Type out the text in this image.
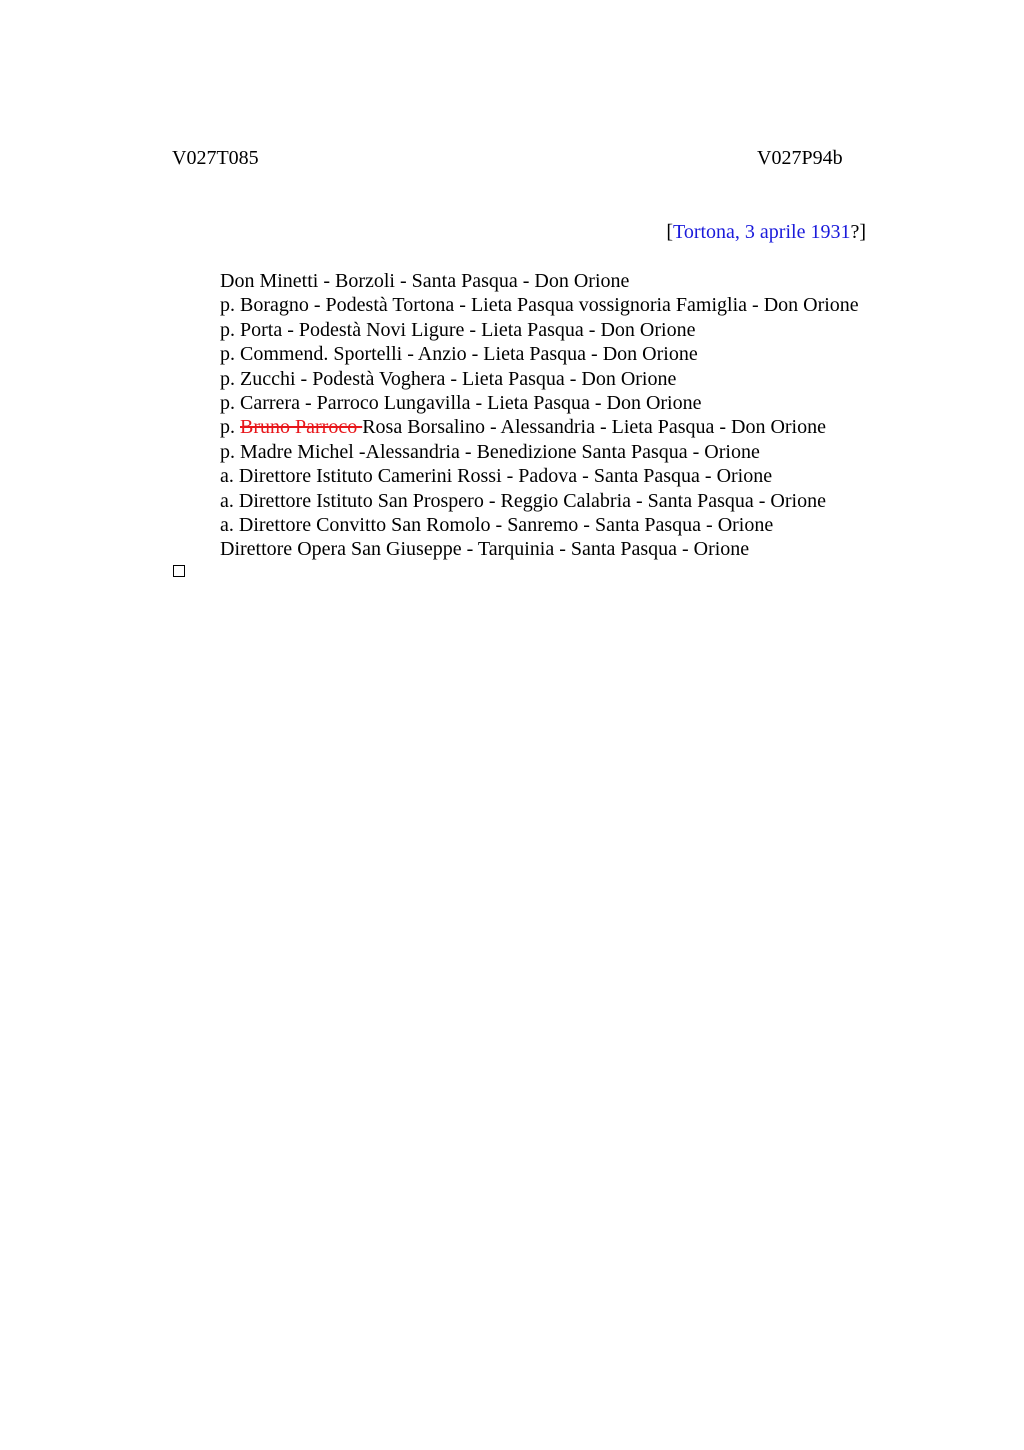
V027T085	V027P94b
[Tortona, 3 aprile 1931?]
Don Minetti - Borzoli - Santa Pasqua - Don Orione
p. Boragno - Podestà Tortona - Lieta Pasqua vossignoria Famiglia - Don Orione
p. Porta - Podestà Novi Ligure - Lieta Pasqua - Don Orione
p. Commend. Sportelli - Anzio - Lieta Pasqua - Don Orione
p. Zucchi - Podestà Voghera - Lieta Pasqua - Don Orione
p. Carrera - Parroco Lungavilla - Lieta Pasqua - Don Orione
p. Bruno Parroco Rosa Borsalino - Alessandria - Lieta Pasqua - Don Orione
p. Madre Michel -Alessandria - Benedizione Santa Pasqua - Orione
a. Direttore Istituto Camerini Rossi - Padova - Santa Pasqua - Orione
a. Direttore Istituto San Prospero - Reggio Calabria - Santa Pasqua - Orione
a. Direttore Convitto San Romolo - Sanremo - Santa Pasqua - Orione
Direttore Opera San Giuseppe - Tarquinia - Santa Pasqua - Orione
